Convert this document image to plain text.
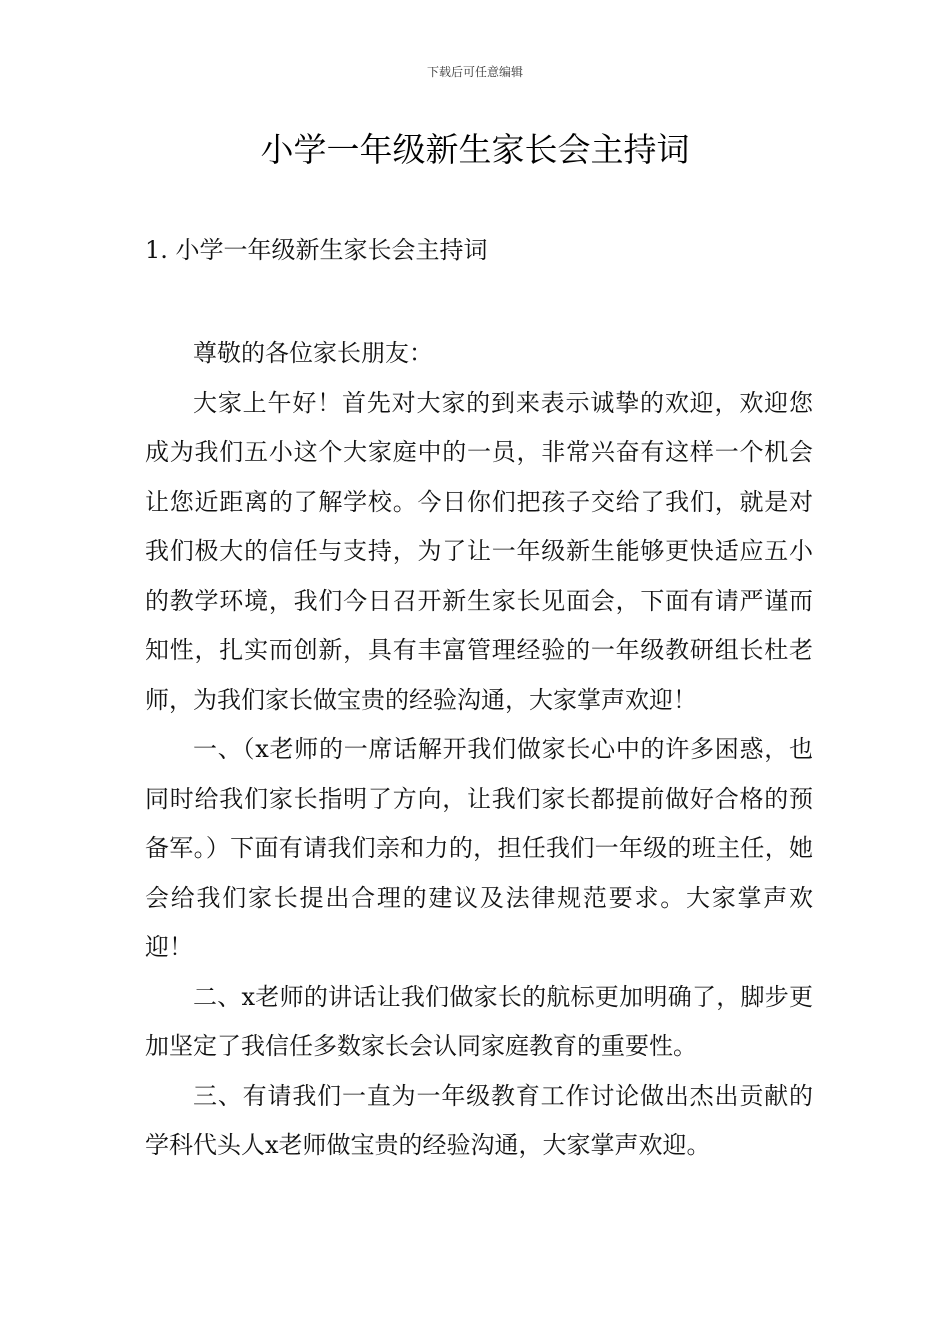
下载后可任意编辑
小学一年级新生家长会主持词
1. 小学一年级新生家长会主持词

尊敬的各位家长朋友：

大家上午好！首先对大家的到来表示诚挚的欢迎，欢迎您成为我们五小这个大家庭中的一员，非常兴奋有这样一个机会让您近距离的了解学校。今日你们把孩子交给了我们，就是对我们极大的信任与支持，为了让一年级新生能够更快适应五小的教学环境，我们今日召开新生家长见面会，下面有请严谨而知性，扎实而创新，具有丰富管理经验的一年级教研组长杜老师，为我们家长做宝贵的经验沟通，大家掌声欢迎！

一、（x老师的一席话解开我们做家长心中的许多困惑，也同时给我们家长指明了方向，让我们家长都提前做好合格的预备军。）下面有请我们亲和力的，担任我们一年级的班主任，她会给我们家长提出合理的建议及法律规范要求。大家掌声欢迎！

二、x老师的讲话让我们做家长的航标更加明确了，脚步更加坚定了我信任多数家长会认同家庭教育的重要性。

三、有请我们一直为一年级教育工作讨论做出杰出贡献的学科代头人x老师做宝贵的经验沟通，大家掌声欢迎。
